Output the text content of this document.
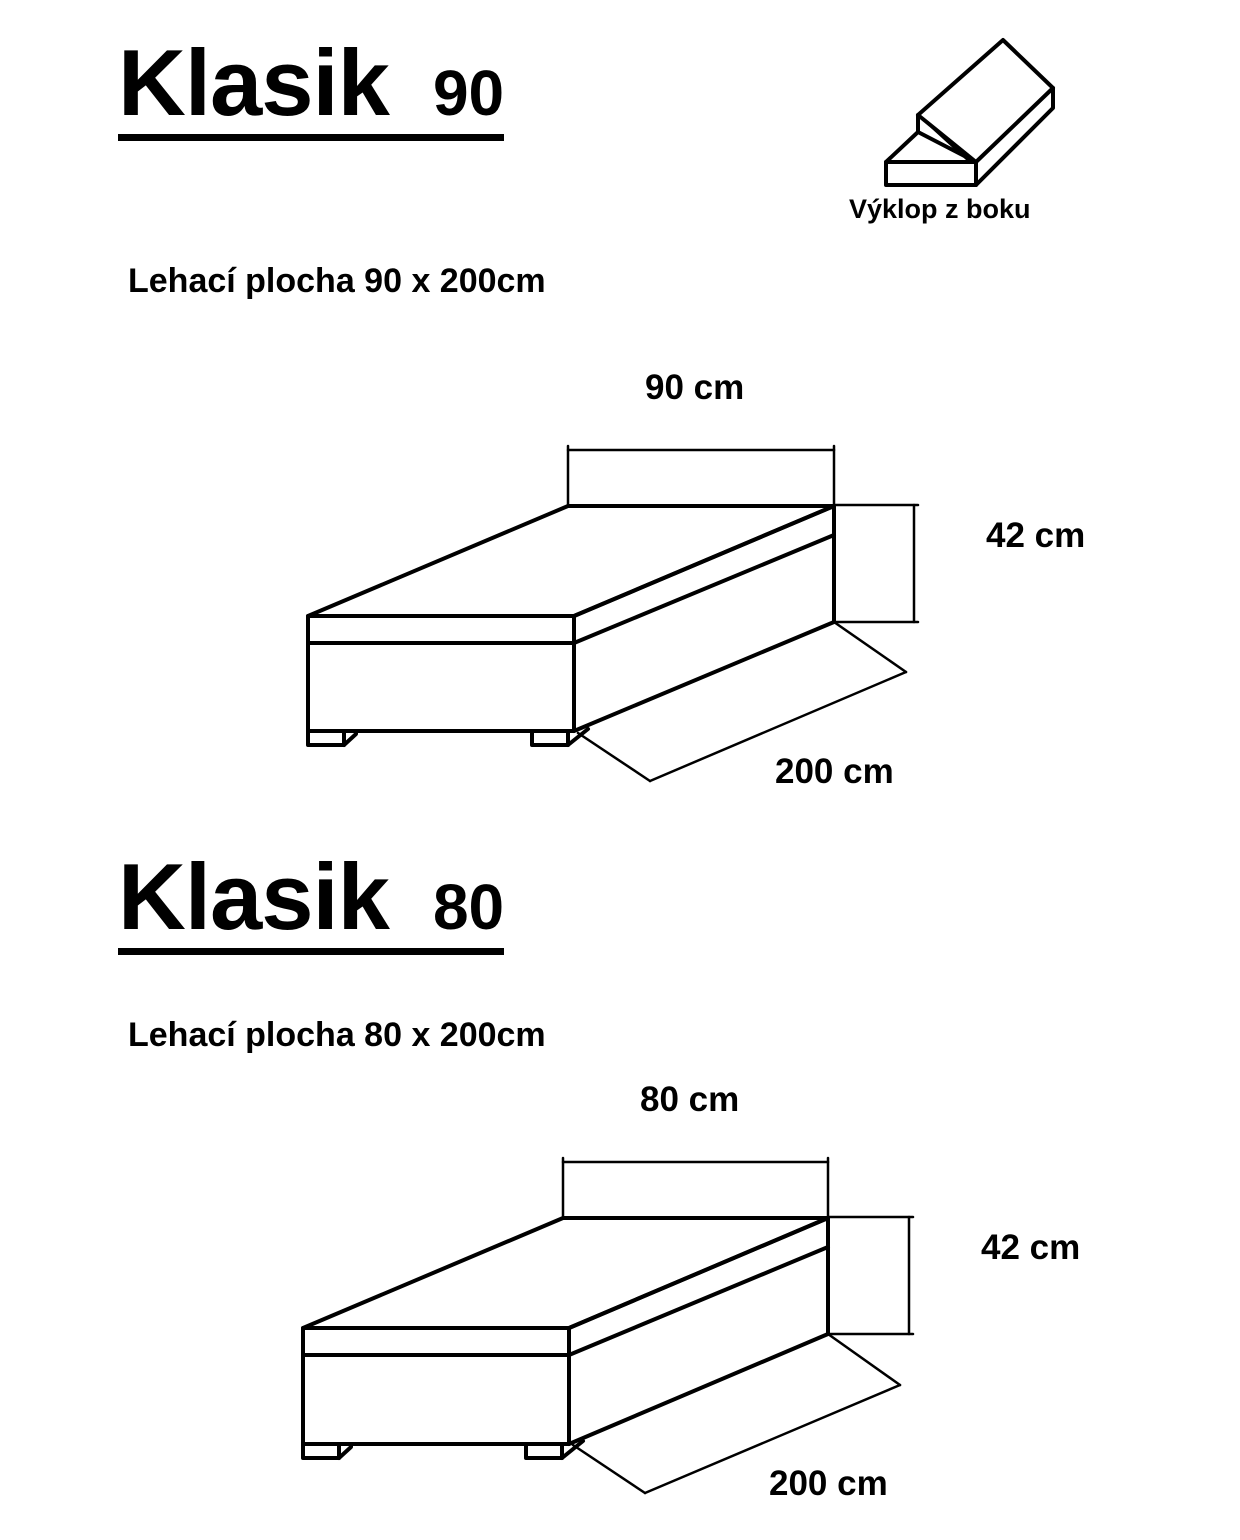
Klasik 90
Lehací plocha 90 x 200cm
Výklop z boku
90 cm
42 cm
200 cm
Klasik 80
Lehací plocha 80 x 200cm
80 cm
42 cm
200 cm
